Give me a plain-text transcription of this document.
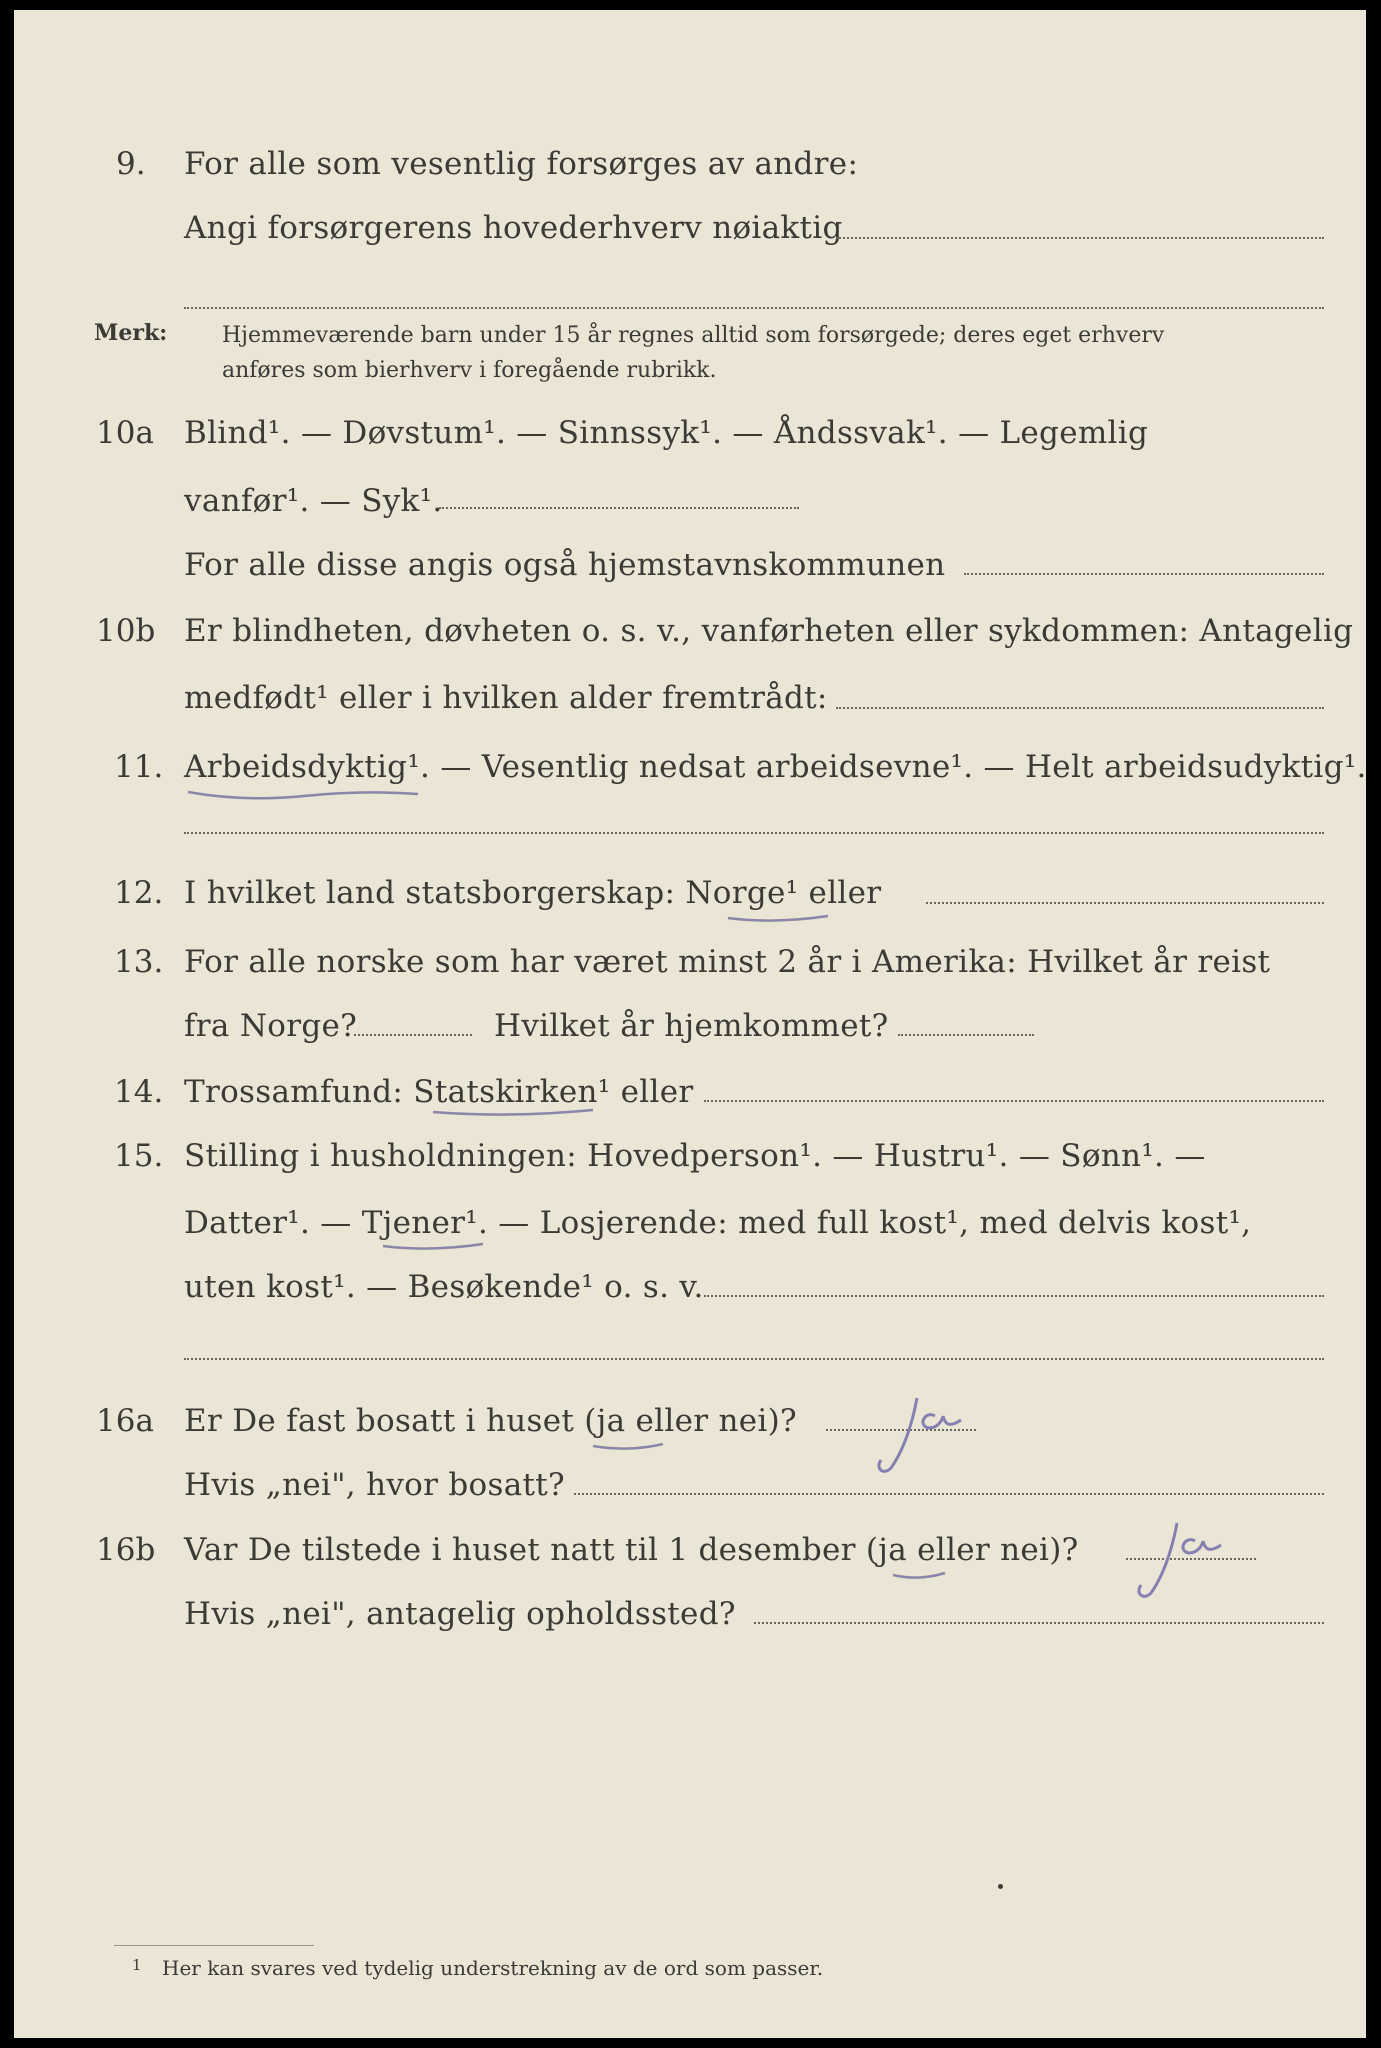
9. For alle som vesentlig forsørges av andre:
Angi forsørgerens hovederhverv nøiaktig
Merk: Hjemmeværende barn under 15 år regnes alltid som forsørgede; deres eget erhverv
anføres som bierhverv i foregående rubrikk.
10a Blind¹. — Døvstum¹. — Sinnssyk¹. — Åndssvak¹. — Legemlig
vanfør¹. — Syk¹.
For alle disse angis også hjemstavnskommunen
10b Er blindheten, døvheten o. s. v., vanførheten eller sykdommen: Antagelig
medfødt¹ eller i hvilken alder fremtrådt:
11. Arbeidsdyktig¹. — Vesentlig nedsat arbeidsevne¹. — Helt arbeidsudyktig¹.
12. I hvilket land statsborgerskap: Norge¹ eller
13. For alle norske som har været minst 2 år i Amerika: Hvilket år reist
fra Norge?	Hvilket år hjemkommet?
14. Trossamfund: Statskirken¹ eller
15. Stilling i husholdningen: Hovedperson¹. — Hustru¹. — Sønn¹. —
Datter¹. — Tjener¹. — Losjerende: med full kost¹, med delvis kost¹,
uten kost¹. — Besøkende¹ o. s. v.
16a Er De fast bosatt i huset (ja eller nei)?	ja
Hvis „nei", hvor bosatt?
16b Var De tilstede i huset natt til 1 desember (ja eller nei)?	ja
Hvis „nei", antagelig opholdssted?
1 Her kan svares ved tydelig understrekning av de ord som passer.
